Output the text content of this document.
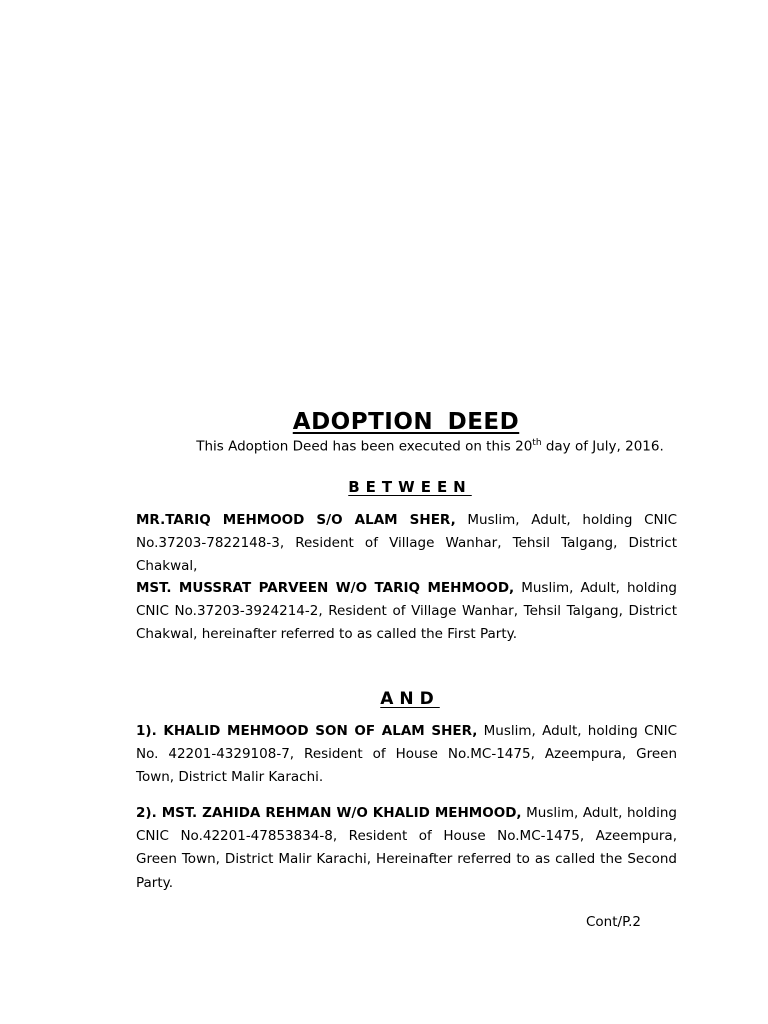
ADOPTION DEED
This Adoption Deed has been executed on this 20th day of July, 2016.
BETWEEN
MR.TARIQ MEHMOOD S/O ALAM SHER, Muslim, Adult, holding CNIC No.37203-7822148-3, Resident of Village Wanhar, Tehsil Talgang, District Chakwal,
MST. MUSSRAT PARVEEN W/O TARIQ MEHMOOD, Muslim, Adult, holding CNIC No.37203-3924214-2, Resident of Village Wanhar, Tehsil Talgang, District Chakwal, hereinafter referred to as called the First Party.
AND
1). KHALID MEHMOOD SON OF ALAM SHER, Muslim, Adult, holding CNIC No. 42201-4329108-7, Resident of House No.MC-1475, Azeempura, Green Town, District Malir Karachi.
2). MST. ZAHIDA REHMAN W/O KHALID MEHMOOD, Muslim, Adult, holding CNIC No.42201-47853834-8, Resident of House No.MC-1475, Azeempura, Green Town, District Malir Karachi, Hereinafter referred to as called the Second Party.
Cont/P.2
